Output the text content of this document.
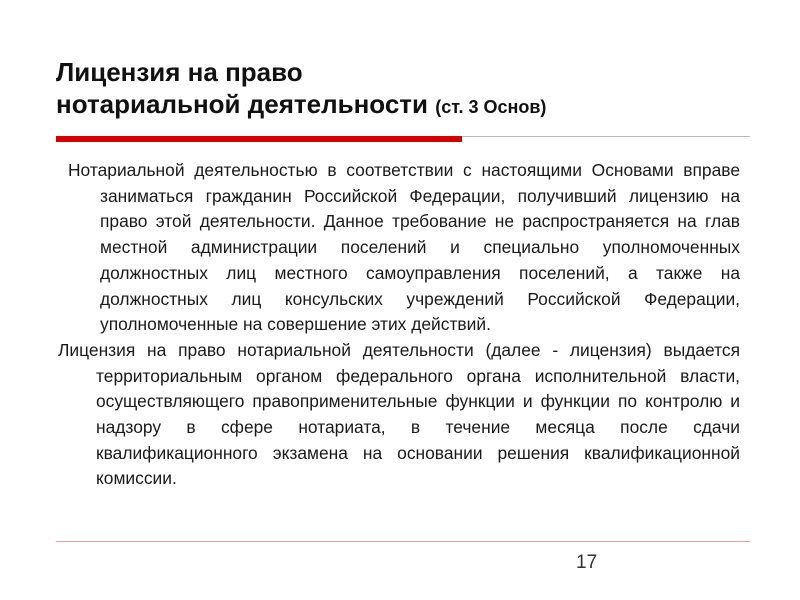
Лицензия на право
нотариальной деятельности (ст. 3 Основ)

Нотариальной деятельностью в соответствии с настоящими Основами вправе заниматься гражданин Российской Федерации, получивший лицензию на право этой деятельности. Данное требование не распространяется на глав местной администрации поселений и специально уполномоченных должностных лиц местного самоуправления поселений, а также на должностных лиц консульских учреждений Российской Федерации, уполномоченные на совершение этих действий.

Лицензия на право нотариальной деятельности (далее - лицензия) выдается территориальным органом федерального органа исполнительной власти, осуществляющего правоприменительные функции и функции по контролю и надзору в сфере нотариата, в течение месяца после сдачи квалификационного экзамена на основании решения квалификационной комиссии.

17
